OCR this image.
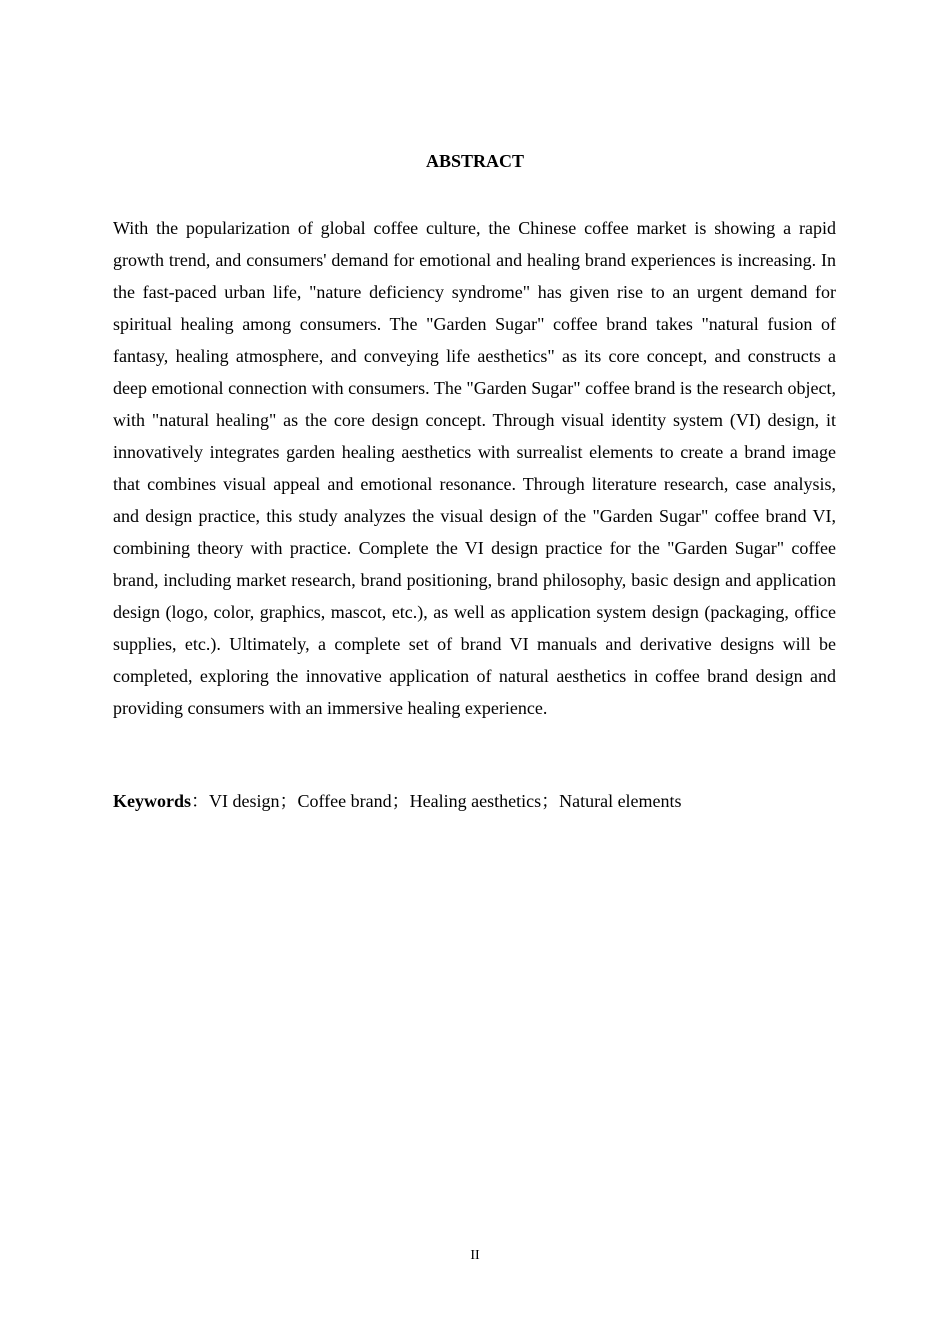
ABSTRACT

With the popularization of global coffee culture, the Chinese coffee market is showing a rapid growth trend, and consumers' demand for emotional and healing brand experiences is increasing. In the fast-paced urban life, "nature deficiency syndrome" has given rise to an urgent demand for spiritual healing among consumers. The "Garden Sugar" coffee brand takes "natural fusion of fantasy, healing atmosphere, and conveying life aesthetics" as its core concept, and constructs a deep emotional connection with consumers. The "Garden Sugar" coffee brand is the research object, with "natural healing" as the core design concept. Through visual identity system (VI) design, it innovatively integrates garden healing aesthetics with surrealist elements to create a brand image that combines visual appeal and emotional resonance. Through literature research, case analysis, and design practice, this study analyzes the visual design of the "Garden Sugar" coffee brand VI, combining theory with practice. Complete the VI design practice for the "Garden Sugar" coffee brand, including market research, brand positioning, brand philosophy, basic design and application design (logo, color, graphics, mascot, etc.), as well as application system design (packaging, office supplies, etc.). Ultimately, a complete set of brand VI manuals and derivative designs will be completed, exploring the innovative application of natural aesthetics in coffee brand design and providing consumers with an immersive healing experience.

Keywords：VI design；Coffee brand；Healing aesthetics；Natural elements
II
